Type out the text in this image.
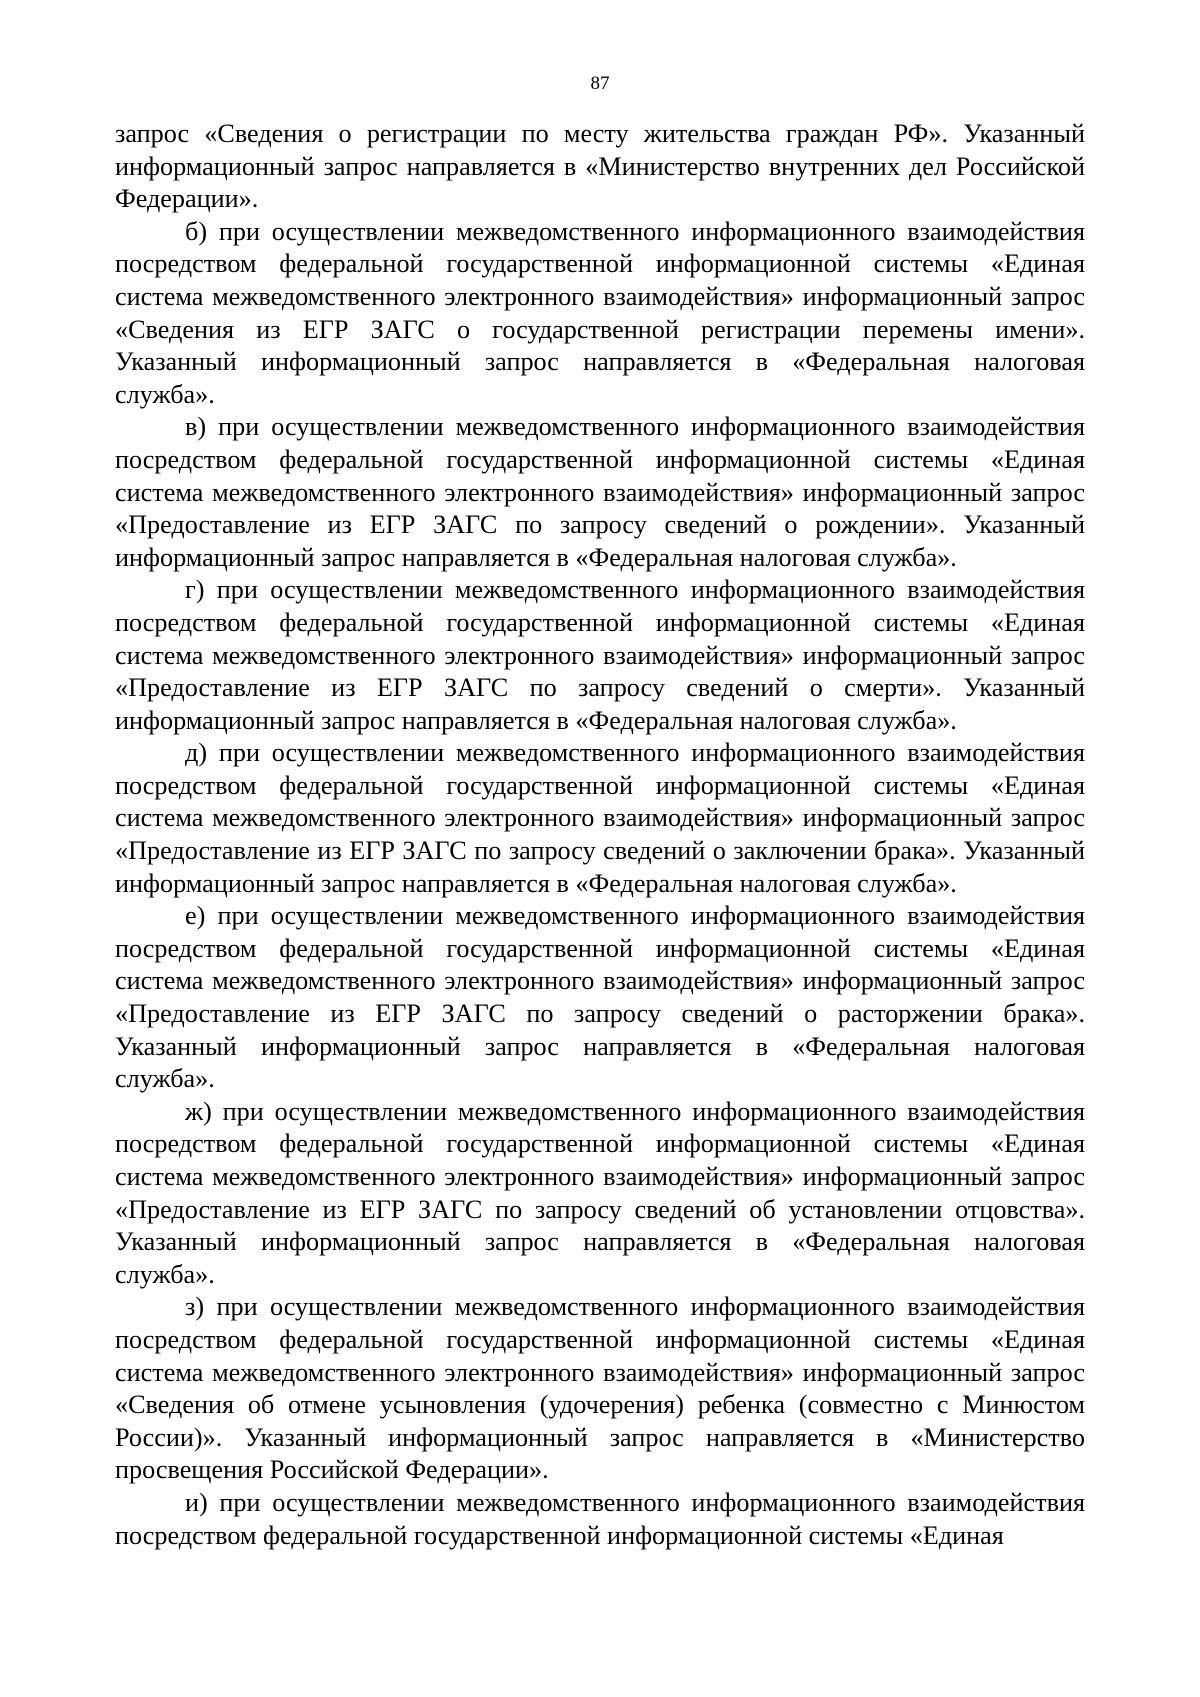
87

запрос «Сведения о регистрации по месту жительства граждан РФ». Указанный информационный запрос направляется в «Министерство внутренних дел Российской Федерации».

б) при осуществлении межведомственного информационного взаимодействия посредством федеральной государственной информационной системы «Единая система межведомственного электронного взаимодействия» информационный запрос «Сведения из ЕГР ЗАГС о государственной регистрации перемены имени». Указанный информационный запрос направляется в «Федеральная налоговая служба».

в) при осуществлении межведомственного информационного взаимодействия посредством федеральной государственной информационной системы «Единая система межведомственного электронного взаимодействия» информационный запрос «Предоставление из ЕГР ЗАГС по запросу сведений о рождении». Указанный информационный запрос направляется в «Федеральная налоговая служба».

г) при осуществлении межведомственного информационного взаимодействия посредством федеральной государственной информационной системы «Единая система межведомственного электронного взаимодействия» информационный запрос «Предоставление из ЕГР ЗАГС по запросу сведений о смерти». Указанный информационный запрос направляется в «Федеральная налоговая служба».

д) при осуществлении межведомственного информационного взаимодействия посредством федеральной государственной информационной системы «Единая система межведомственного электронного взаимодействия» информационный запрос «Предоставление из ЕГР ЗАГС по запросу сведений о заключении брака». Указанный информационный запрос направляется в «Федеральная налоговая служба».

е) при осуществлении межведомственного информационного взаимодействия посредством федеральной государственной информационной системы «Единая система межведомственного электронного взаимодействия» информационный запрос «Предоставление из ЕГР ЗАГС по запросу сведений о расторжении брака». Указанный информационный запрос направляется в «Федеральная налоговая служба».

ж) при осуществлении межведомственного информационного взаимодействия посредством федеральной государственной информационной системы «Единая система межведомственного электронного взаимодействия» информационный запрос «Предоставление из ЕГР ЗАГС по запросу сведений об установлении отцовства». Указанный информационный запрос направляется в «Федеральная налоговая служба».

з) при осуществлении межведомственного информационного взаимодействия посредством федеральной государственной информационной системы «Единая система межведомственного электронного взаимодействия» информационный запрос «Сведения об отмене усыновления (удочерения) ребенка (совместно с Минюстом России)». Указанный информационный запрос направляется в «Министерство просвещения Российской Федерации».

и) при осуществлении межведомственного информационного взаимодействия посредством федеральной государственной информационной системы «Единая
